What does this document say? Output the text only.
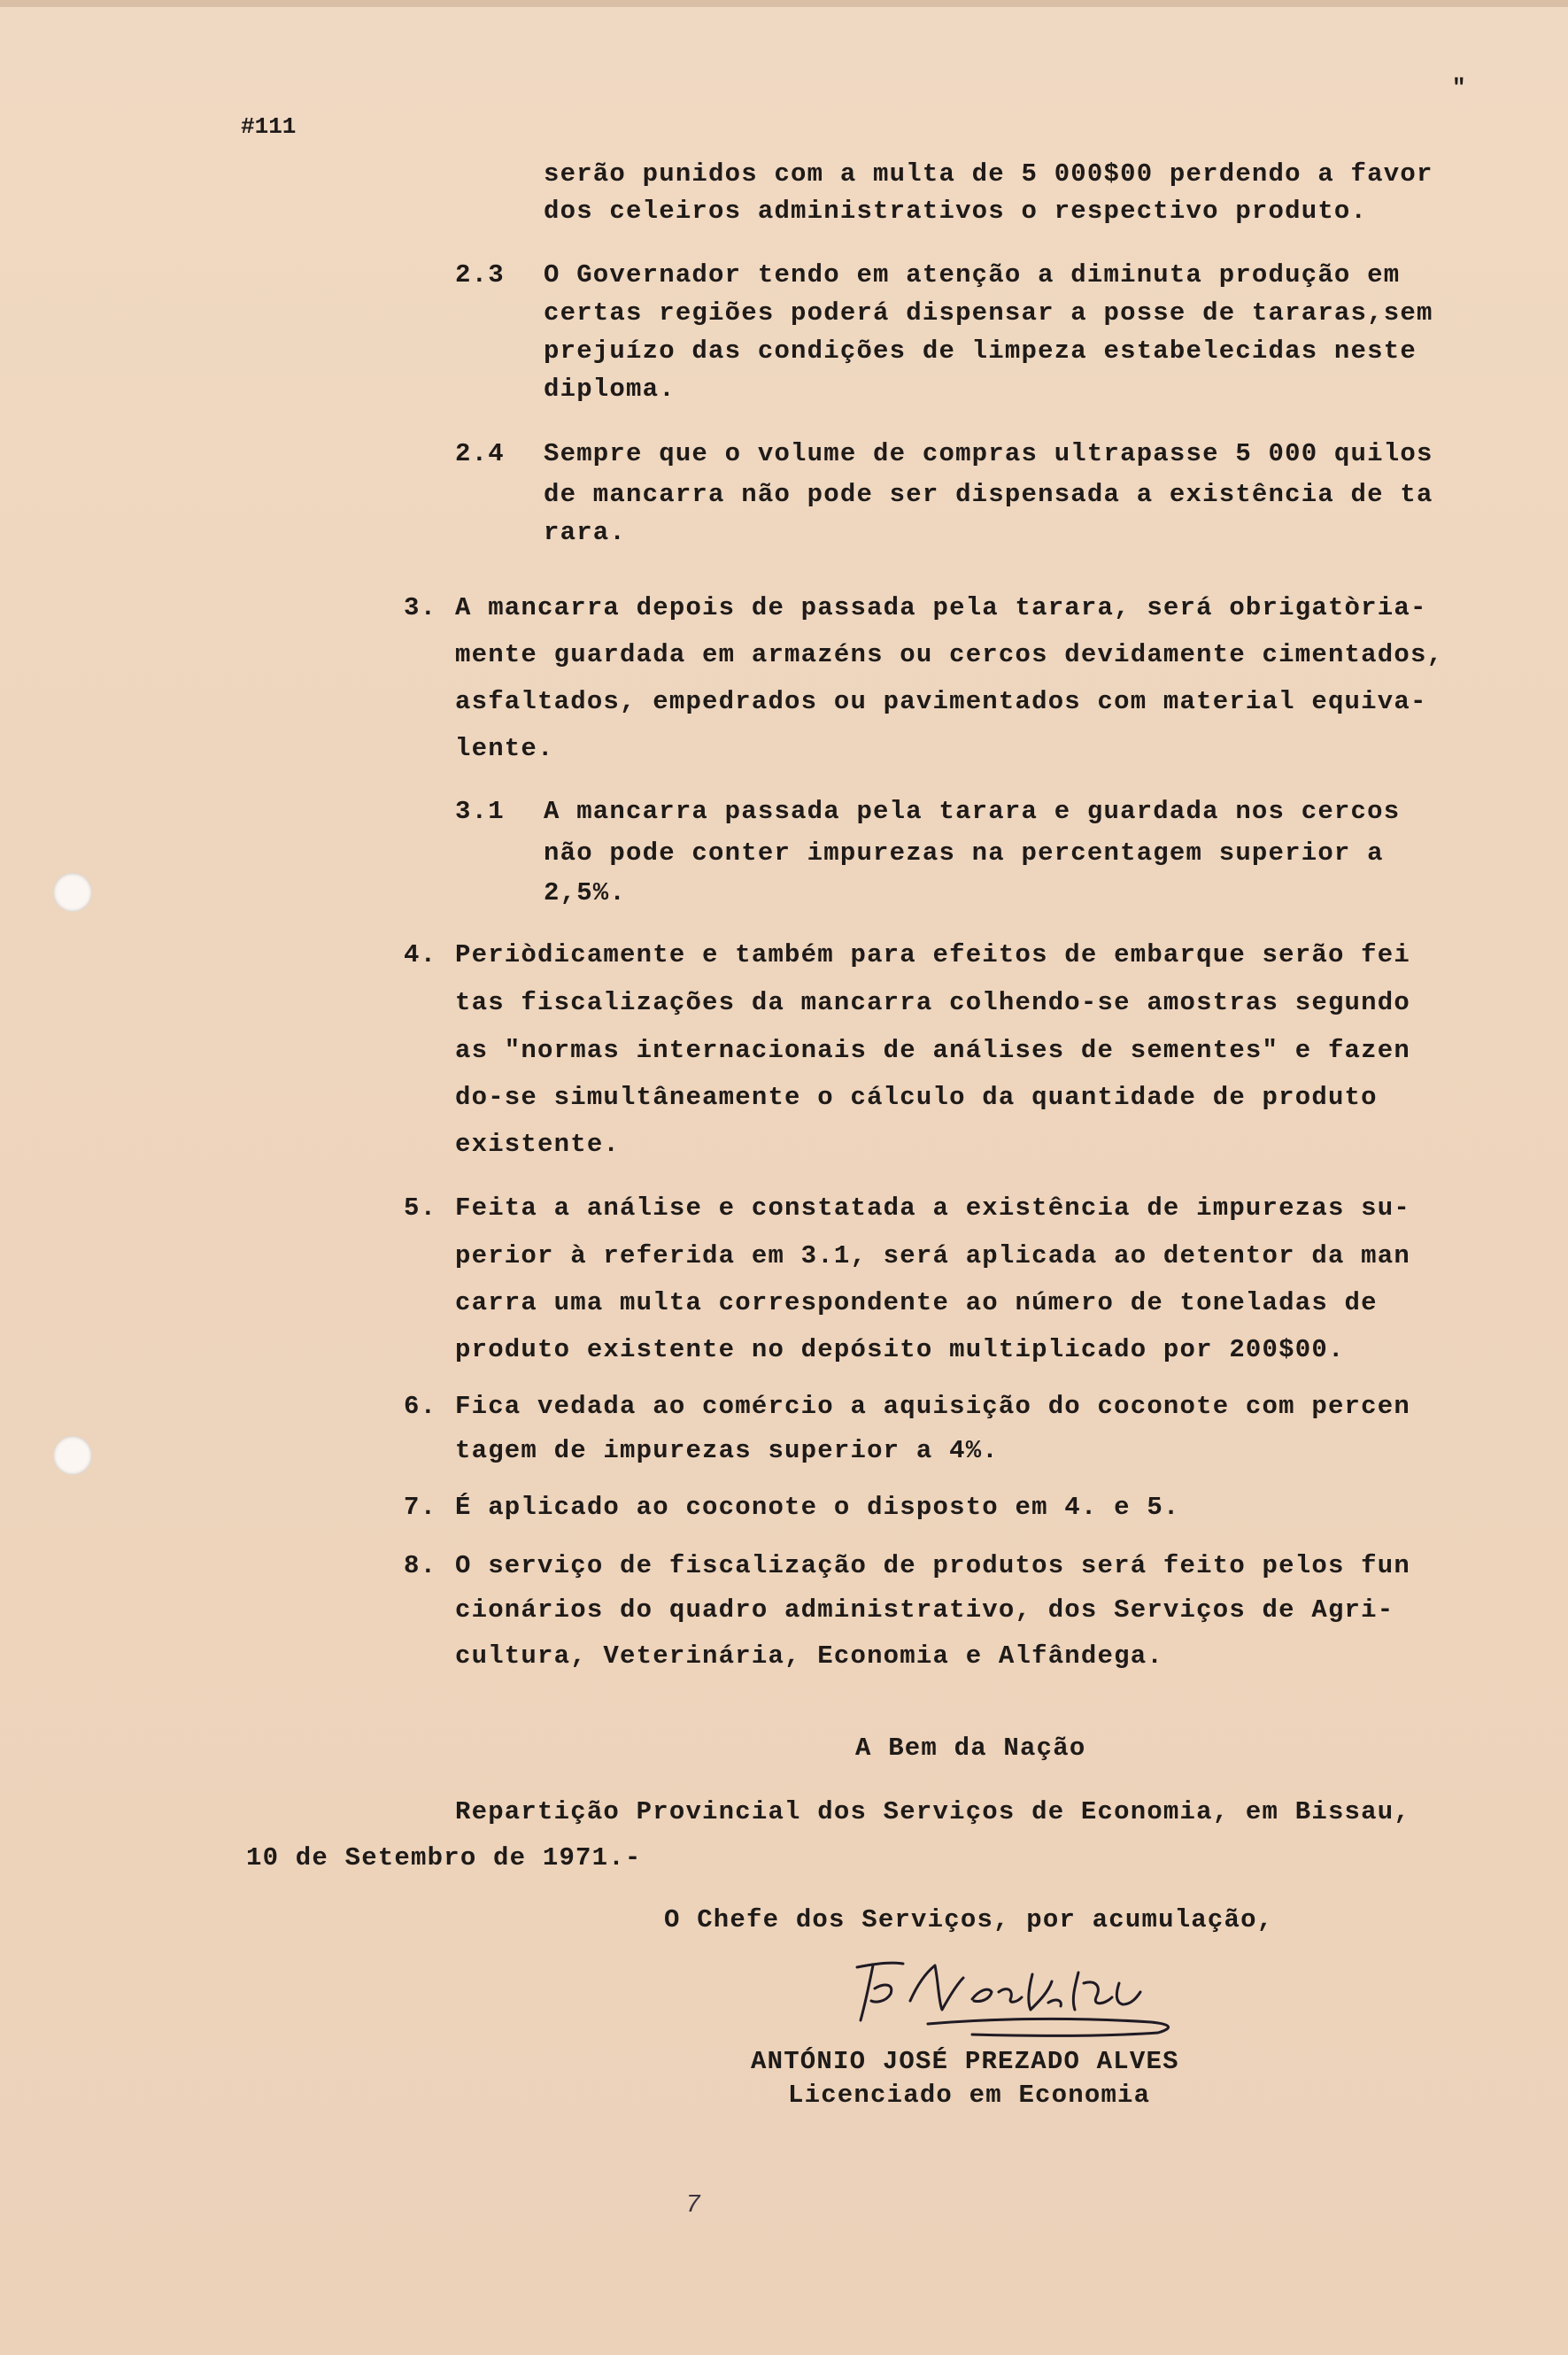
#111
"
serão punidos com a multa de 5 000$00 perdendo a favor
dos celeiros administrativos o respectivo produto.
2.3 O Governador tendo em atenção a diminuta produção em
certas regiões poderá dispensar a posse de tararas,sem
prejuízo das condições de limpeza estabelecidas neste
diploma.
2.4 Sempre que o volume de compras ultrapasse 5 000 quilos
de mancarra não pode ser dispensada a existência de ta
rara.
3. A mancarra depois de passada pela tarara, será obrigatòria-
mente guardada em armazéns ou cercos devidamente cimentados,
asfaltados, empedrados ou pavimentados com material equiva-
lente.
3.1 A mancarra passada pela tarara e guardada nos cercos
não pode conter impurezas na percentagem superior a
2,5%.
4. Periòdicamente e também para efeitos de embarque serão fei
tas fiscalizações da mancarra colhendo-se amostras segundo
as "normas internacionais de análises de sementes" e fazen
do-se simultâneamente o cálculo da quantidade de produto
existente.
5. Feita a análise e constatada a existência de impurezas su-
perior à referida em 3.1, será aplicada ao detentor da man
carra uma multa correspondente ao número de toneladas de
produto existente no depósito multiplicado por 200$00.
6. Fica vedada ao comércio a aquisição do coconote com percen
tagem de impurezas superior a 4%.
7. É aplicado ao coconote o disposto em 4. e 5.
8. O serviço de fiscalização de produtos será feito pelos fun
cionários do quadro administrativo, dos Serviços de Agri-
cultura, Veterinária, Economia e Alfândega.
A Bem da Nação
Repartição Provincial dos Serviços de Economia, em Bissau,
10 de Setembro de 1971.-
O Chefe dos Serviços, por acumulação,
ANTÓNIO JOSÉ PREZADO ALVES
Licenciado em Economia
7
